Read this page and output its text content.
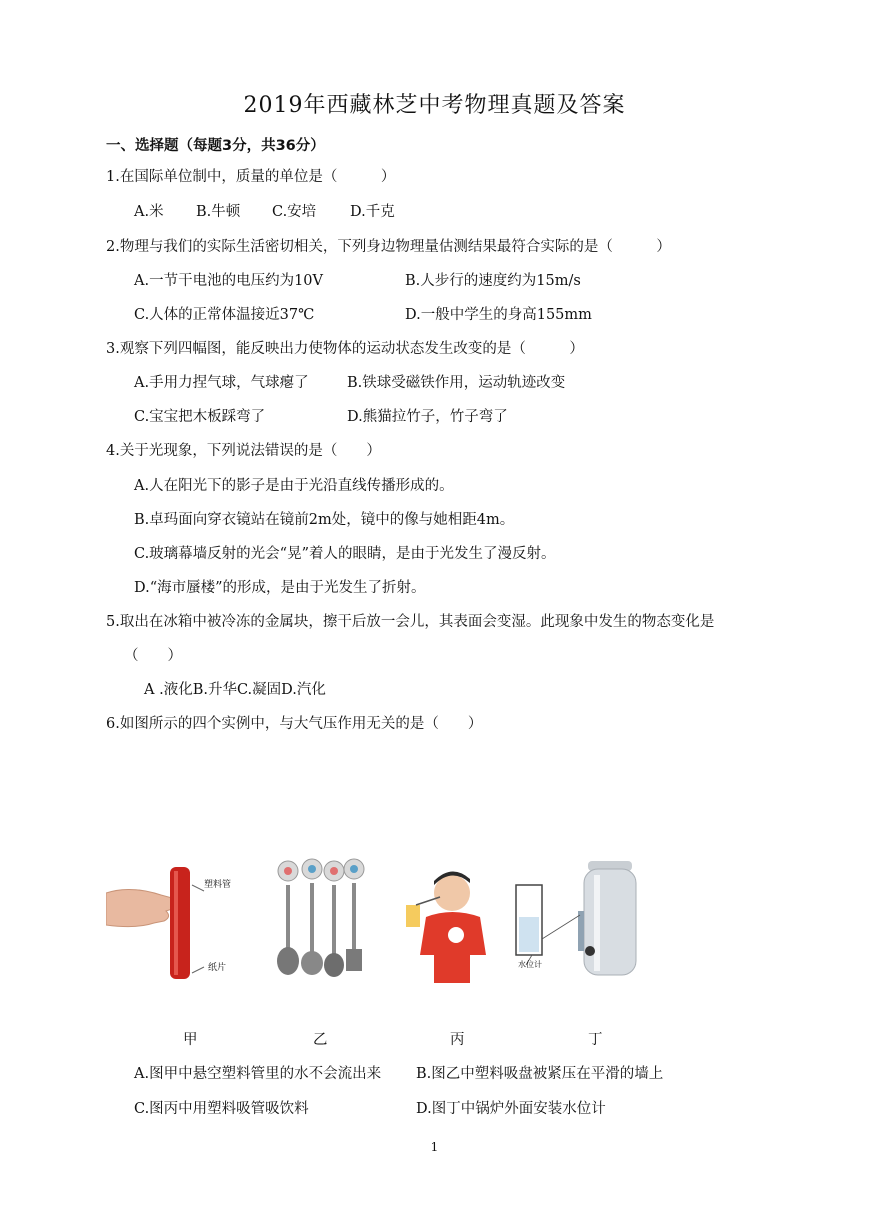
2019年西藏林芝中考物理真题及答案
一、选择题（每题3分，共36分）
1.在国际单位制中，质量的单位是（　　　）
A.米 B.牛顿 C.安培 D.千克
2.物理与我们的实际生活密切相关，下列身边物理量估测结果最符合实际的是（　　　）
A.一节干电池的电压约为10V	B.人步行的速度约为15m/s
C.人体的正常体温接近37℃	D.一般中学生的身高155mm
3.观察下列四幅图，能反映出力使物体的运动状态发生改变的是（　　　）
A.手用力捏气球，气球瘪了	B.铁球受磁铁作用，运动轨迹改变
C.宝宝把木板踩弯了	D.熊猫拉竹子，竹子弯了
4.关于光现象，下列说法错误的是（　　）
A.人在阳光下的影子是由于光沿直线传播形成的。
B.卓玛面向穿衣镜站在镜前2m处，镜中的像与她相距4m。
C.玻璃幕墙反射的光会“晃”着人的眼睛，是由于光发生了漫反射。
D.“海市蜃楼”的形成，是由于光发生了折射。
5.取出在冰箱中被冷冻的金属块，擦干后放一会儿，其表面会变湿。此现象中发生的物态变化是
（　　）
A .液化B.升华C.凝固D.汽化
6.如图所示的四个实例中，与大气压作用无关的是（　　）
塑料管
纸片	水位计
甲	乙	丙	丁
A.图甲中悬空塑料管里的水不会流出来 B.图乙中塑料吸盘被紧压在平滑的墙上
C.图丙中用塑料吸管吸饮料	D.图丁中锅炉外面安装水位计
1
